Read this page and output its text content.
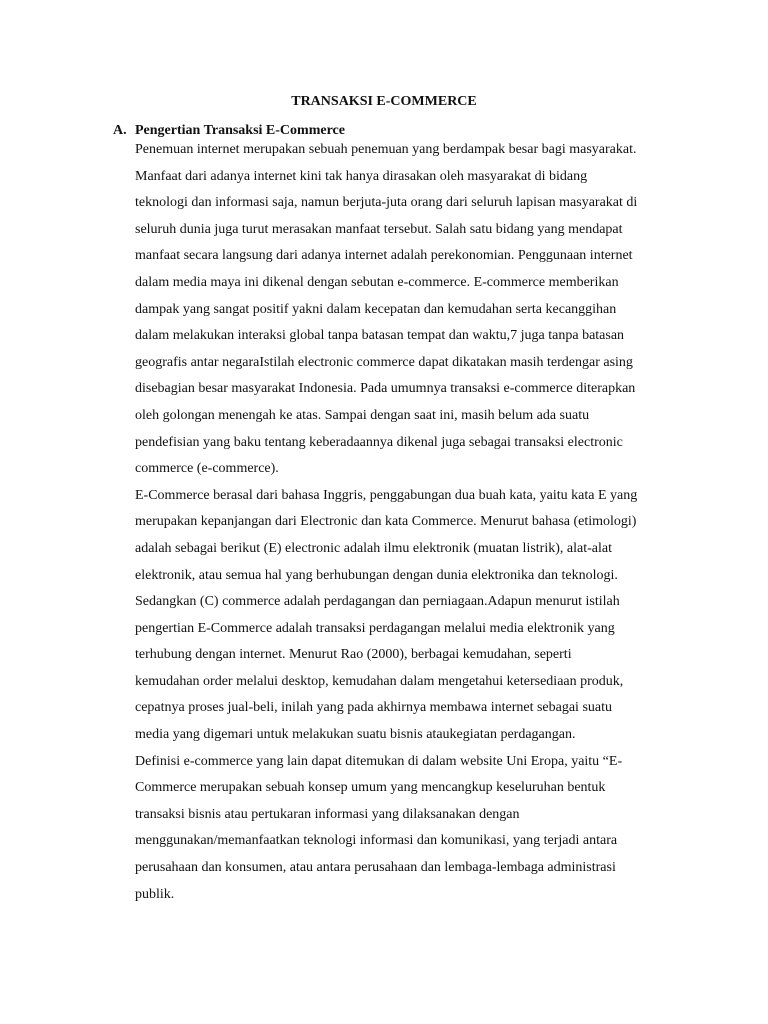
TRANSAKSI E-COMMERCE
A. Pengertian Transaksi E-Commerce
Penemuan internet merupakan sebuah penemuan yang berdampak besar bagi masyarakat.
Manfaat dari adanya internet kini tak hanya dirasakan oleh masyarakat di bidang
teknologi dan informasi saja, namun berjuta-juta orang dari seluruh lapisan masyarakat di
seluruh dunia juga turut merasakan manfaat tersebut. Salah satu bidang yang mendapat
manfaat secara langsung dari adanya internet adalah perekonomian. Penggunaan internet
dalam media maya ini dikenal dengan sebutan e-commerce. E-commerce memberikan
dampak yang sangat positif yakni dalam kecepatan dan kemudahan serta kecanggihan
dalam melakukan interaksi global tanpa batasan tempat dan waktu,7 juga tanpa batasan
geografis antar negaraIstilah electronic commerce dapat dikatakan masih terdengar asing
disebagian besar masyarakat Indonesia. Pada umumnya transaksi e-commerce diterapkan
oleh golongan menengah ke atas. Sampai dengan saat ini, masih belum ada suatu
pendefisian yang baku tentang keberadaannya dikenal juga sebagai transaksi electronic
commerce (e-commerce).
E-Commerce berasal dari bahasa Inggris, penggabungan dua buah kata, yaitu kata E yang
merupakan kepanjangan dari Electronic dan kata Commerce. Menurut bahasa (etimologi)
adalah sebagai berikut (E) electronic adalah ilmu elektronik (muatan listrik), alat-alat
elektronik, atau semua hal yang berhubungan dengan dunia elektronika dan teknologi.
Sedangkan (C) commerce adalah perdagangan dan perniagaan.Adapun menurut istilah
pengertian E-Commerce adalah transaksi perdagangan melalui media elektronik yang
terhubung dengan internet. Menurut Rao (2000), berbagai kemudahan, seperti
kemudahan order melalui desktop, kemudahan dalam mengetahui ketersediaan produk,
cepatnya proses jual-beli, inilah yang pada akhirnya membawa internet sebagai suatu
media yang digemari untuk melakukan suatu bisnis ataukegiatan perdagangan.
Definisi e-commerce yang lain dapat ditemukan di dalam website Uni Eropa, yaitu “E-
Commerce merupakan sebuah konsep umum yang mencangkup keseluruhan bentuk
transaksi bisnis atau pertukaran informasi yang dilaksanakan dengan
menggunakan/memanfaatkan teknologi informasi dan komunikasi, yang terjadi antara
perusahaan dan konsumen, atau antara perusahaan dan lembaga-lembaga administrasi
publik.
